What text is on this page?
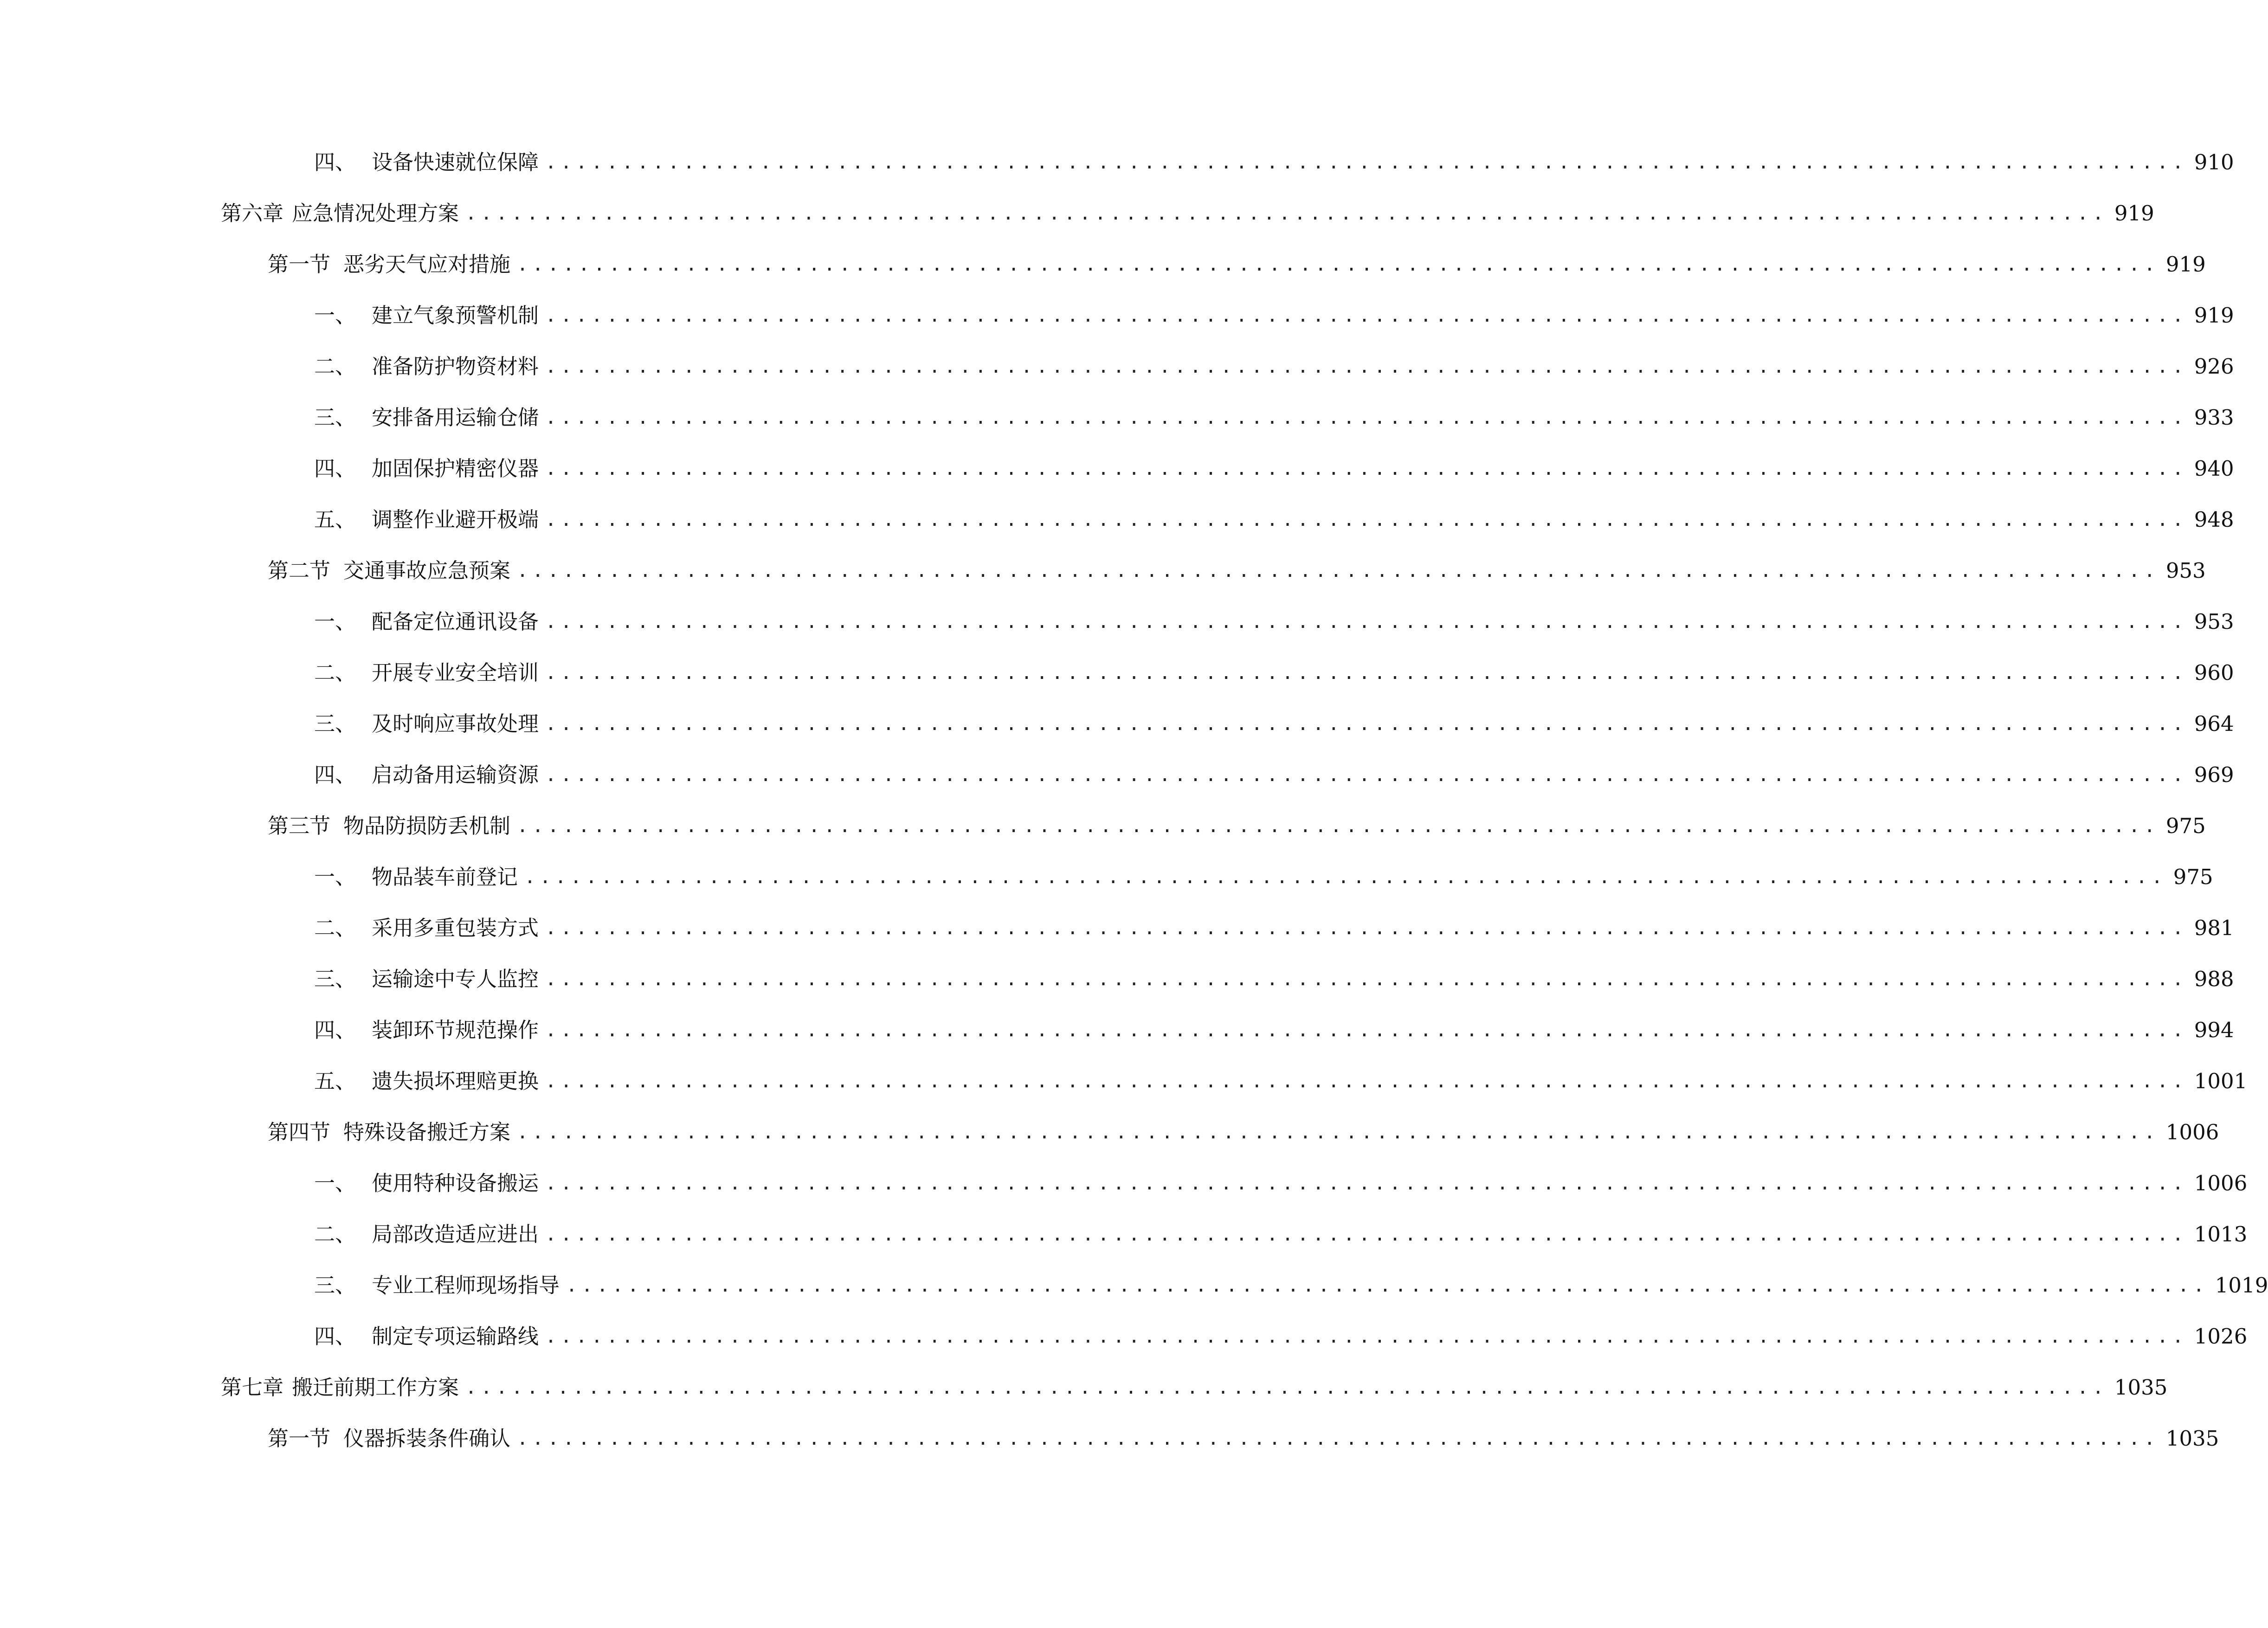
四、 设备快速就位保障 ........................................................................................................... 910
第六章 应急情况处理方案 ........................................................................................................... 919
第一节 恶劣天气应对措施 ........................................................................................................... 919
一、 建立气象预警机制 ........................................................................................................... 919
二、 准备防护物资材料 ........................................................................................................... 926
三、 安排备用运输仓储 ........................................................................................................... 933
四、 加固保护精密仪器 ........................................................................................................... 940
五、 调整作业避开极端 ........................................................................................................... 948
第二节 交通事故应急预案 ........................................................................................................... 953
一、 配备定位通讯设备 ........................................................................................................... 953
二、 开展专业安全培训 ........................................................................................................... 960
三、 及时响应事故处理 ........................................................................................................... 964
四、 启动备用运输资源 ........................................................................................................... 969
第三节 物品防损防丢机制 ........................................................................................................... 975
一、 物品装车前登记 ........................................................................................................... 975
二、 采用多重包装方式 ........................................................................................................... 981
三、 运输途中专人监控 ........................................................................................................... 988
四、 装卸环节规范操作 ........................................................................................................... 994
五、 遗失损坏理赔更换 ........................................................................................................... 1001
第四节 特殊设备搬迁方案 ........................................................................................................... 1006
一、 使用特种设备搬运 ........................................................................................................... 1006
二、 局部改造适应进出 ........................................................................................................... 1013
三、 专业工程师现场指导 ........................................................................................................... 1019
四、 制定专项运输路线 ........................................................................................................... 1026
第七章 搬迁前期工作方案 ........................................................................................................... 1035
第一节 仪器拆装条件确认 ........................................................................................................... 1035
